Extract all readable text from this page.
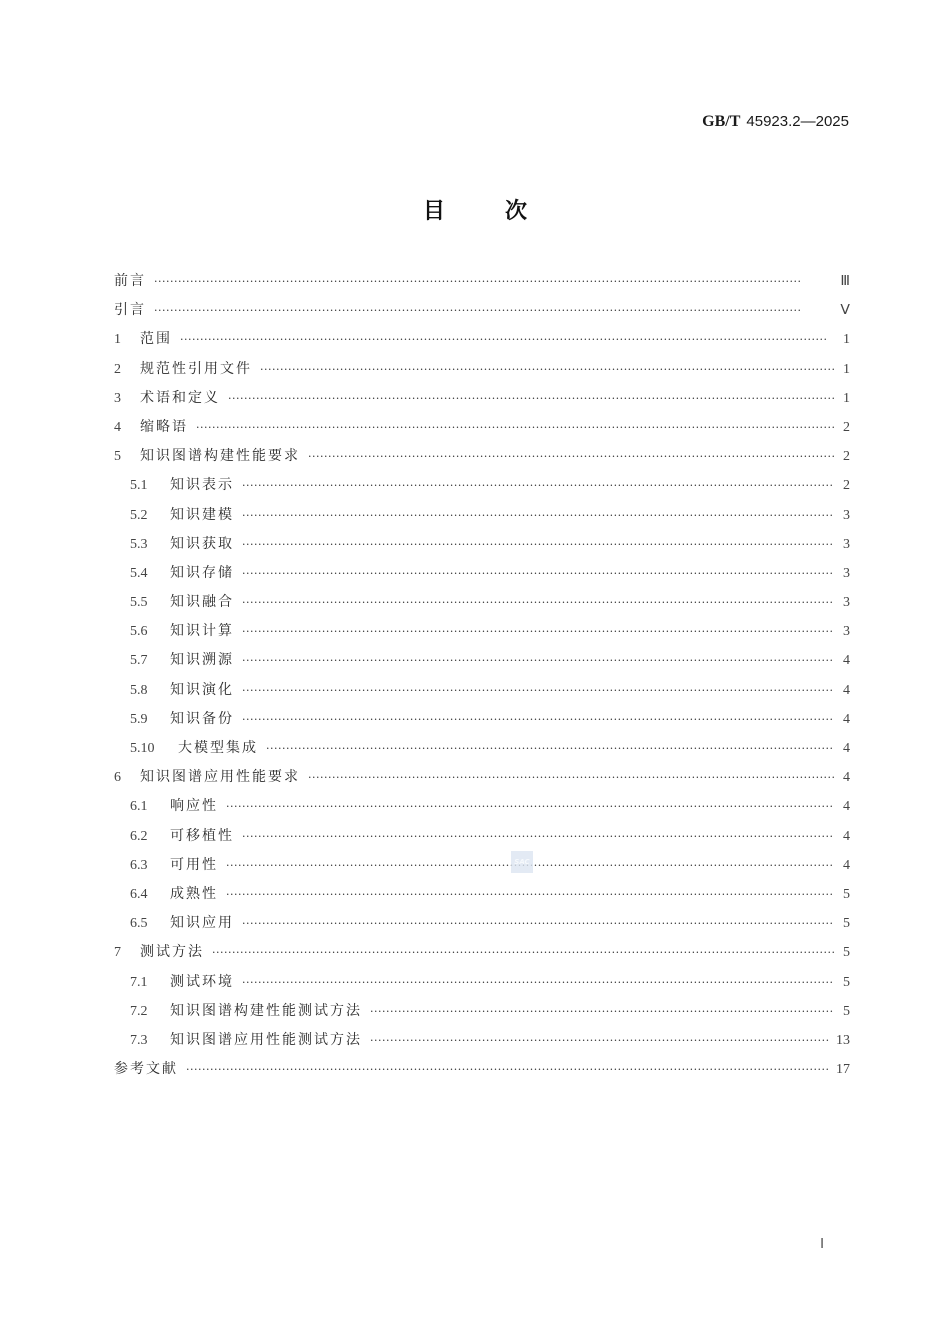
GB/T 45923.2—2025
目	次
前言 ·····	Ⅲ
引言 ·····	Ⅴ
1	范围 ·····	1
2	规范性引用文件 ·····	1
3	术语和定义 ·····	1
4	缩略语 ·····	2
5	知识图谱构建性能要求 ·····	2
5.1	知识表示 ·····	2
5.2	知识建模 ·····	3
5.3	知识获取 ·····	3
5.4	知识存储 ·····	3
5.5	知识融合 ·····	3
5.6	知识计算 ·····	3
5.7	知识溯源 ·····	4
5.8	知识演化 ·····	4
5.9	知识备份 ·····	4
5.10	大模型集成 ·····	4
6	知识图谱应用性能要求 ·····	4
6.1	响应性 ·····	4
6.2	可移植性 ·····	4
6.3	可用性 ·····	4
6.4	成熟性 ·····	5
6.5	知识应用 ·····	5
7	测试方法 ·····	5
7.1	测试环境 ·····	5
7.2	知识图谱构建性能测试方法 ·····	5
7.3	知识图谱应用性能测试方法 ·····	13
参考文献 ·····	17
SAC
Ⅰ
